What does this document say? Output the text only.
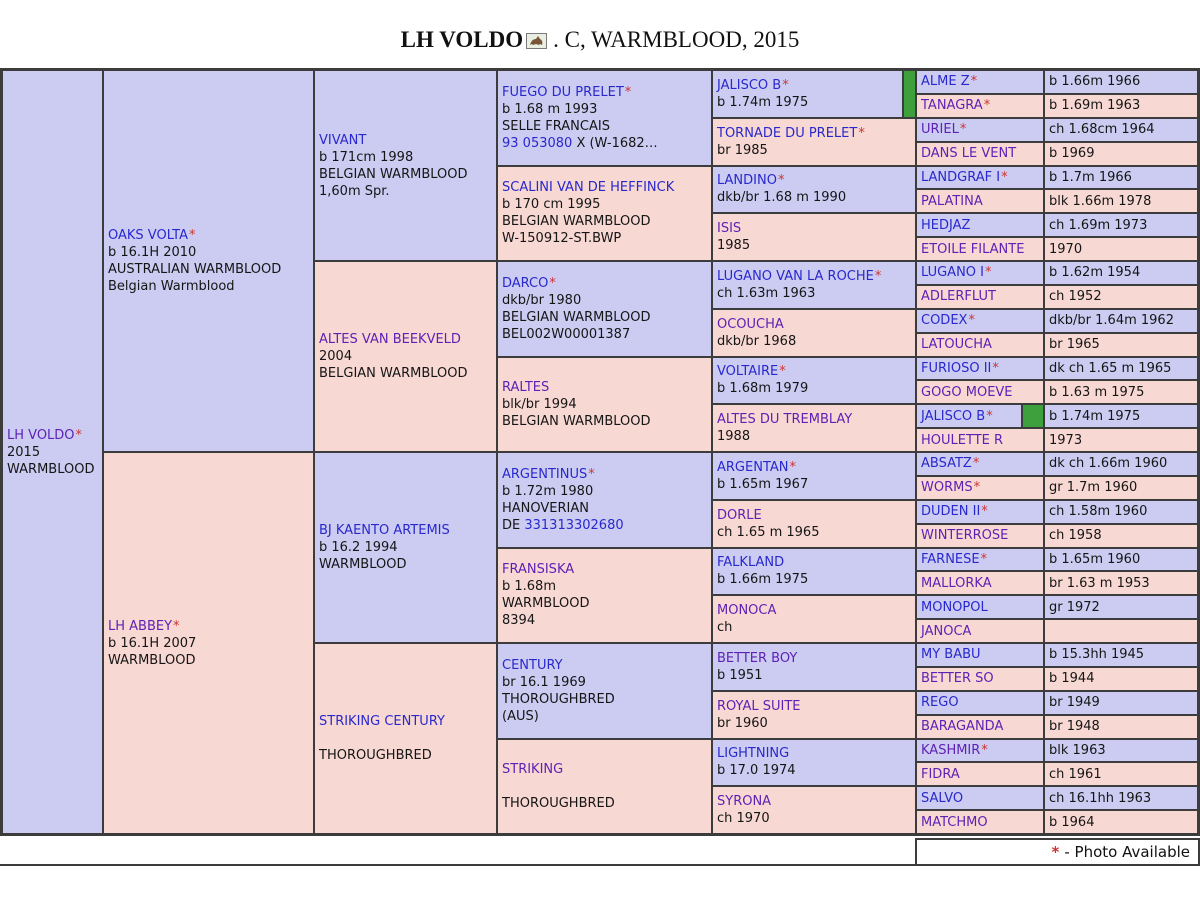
LH VOLDO . C, WARMBLOOD, 2015
LH VOLDO*
2015
WARMBLOOD
OAKS VOLTA*
b 16.1H 2010
AUSTRALIAN WARMBLOOD
Belgian Warmblood
LH ABBEY*
b 16.1H 2007
WARMBLOOD
VIVANT
b 171cm 1998
BELGIAN WARMBLOOD
1,60m Spr.
ALTES VAN BEEKVELD
2004
BELGIAN WARMBLOOD
BJ KAENTO ARTEMIS
b 16.2 1994
WARMBLOOD
STRIKING CENTURY
THOROUGHBRED
FUEGO DU PRELET*
b 1.68 m 1993
SELLE FRANCAIS
93 053080 X (W-1682…
SCALINI VAN DE HEFFINCK
b 170 cm 1995
BELGIAN WARMBLOOD
W-150912-ST.BWP
DARCO*
dkb/br 1980
BELGIAN WARMBLOOD
BEL002W00001387
RALTES
blk/br 1994
BELGIAN WARMBLOOD
ARGENTINUS*
b 1.72m 1980
HANOVERIAN
DE 331313302680
FRANSISKA
b 1.68m
WARMBLOOD
8394
CENTURY
br 16.1 1969
THOROUGHBRED
(AUS)
STRIKING
THOROUGHBRED
JALISCO B*
b 1.74m 1975
TORNADE DU PRELET*
br 1985
LANDINO*
dkb/br 1.68 m 1990
ISIS
1985
LUGANO VAN LA ROCHE*
ch 1.63m 1963
OCOUCHA
dkb/br 1968
VOLTAIRE*
b 1.68m 1979
ALTES DU TREMBLAY
1988
ARGENTAN*
b 1.65m 1967
DORLE
ch 1.65 m 1965
FALKLAND
b 1.66m 1975
MONOCA
ch
BETTER BOY
b 1951
ROYAL SUITE
br 1960
LIGHTNING
b 17.0 1974
SYRONA
ch 1970
ALME Z*	b 1.66m 1966
TANAGRA*	b 1.69m 1963
URIEL*	ch 1.68cm 1964
DANS LE VENT	b 1969
LANDGRAF I*	b 1.7m 1966
PALATINA	blk 1.66m 1978
HEDJAZ	ch 1.69m 1973
ETOILE FILANTE	1970
LUGANO I*	b 1.62m 1954
ADLERFLUT	ch 1952
CODEX*	dkb/br 1.64m 1962
LATOUCHA	br 1965
FURIOSO II*	dk ch 1.65 m 1965
GOGO MOEVE	b 1.63 m 1975
JALISCO B*	b 1.74m 1975
HOULETTE R	1973
ABSATZ*	dk ch 1.66m 1960
WORMS*	gr 1.7m 1960
DUDEN II*	ch 1.58m 1960
WINTERROSE	ch 1958
FARNESE*	b 1.65m 1960
MALLORKA	br 1.63 m 1953
MONOPOL	gr 1972
JANOCA
MY BABU	b 15.3hh 1945
BETTER SO	b 1944
REGO	br 1949
BARAGANDA	br 1948
KASHMIR*	blk 1963
FIDRA	ch 1961
SALVO	ch 16.1hh 1963
MATCHMO	b 1964
* - Photo Available
